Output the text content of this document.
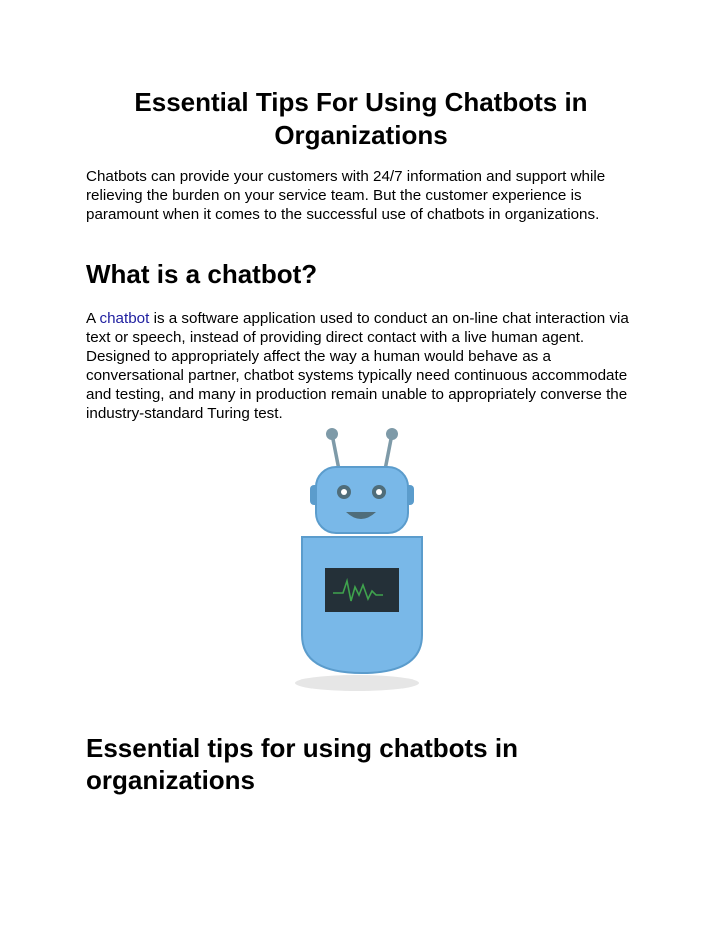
Essential Tips For Using Chatbots in Organizations

Chatbots can provide your customers with 24/7 information and support while relieving the burden on your service team. But the customer experience is paramount when it comes to the successful use of chatbots in organizations.

What is a chatbot?

A chatbot is a software application used to conduct an on-line chat interaction via text or speech, instead of providing direct contact with a live human agent. Designed to appropriately affect the way a human would behave as a conversational partner, chatbot systems typically need continuous accommodate and testing, and many in production remain unable to appropriately converse the industry-standard Turing test.

Essential tips for using chatbots in organizations
